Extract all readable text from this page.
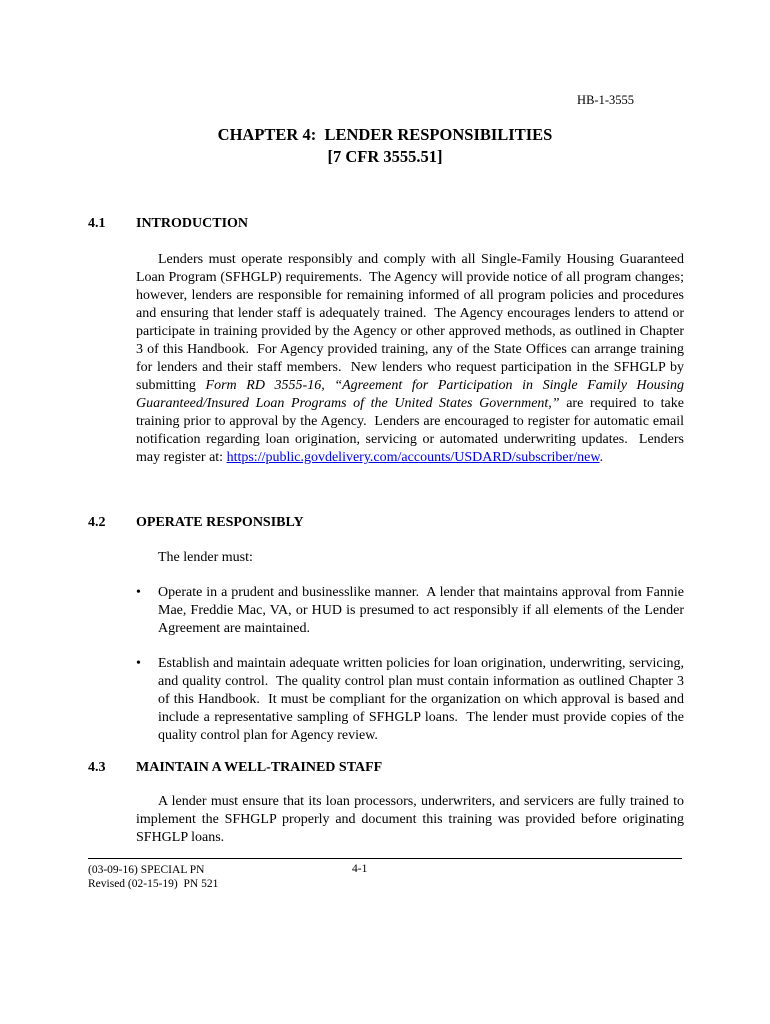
HB-1-3555
CHAPTER 4:  LENDER RESPONSIBILITIES
[7 CFR 3555.51]
4.1 INTRODUCTION
Lenders must operate responsibly and comply with all Single-Family Housing Guaranteed Loan Program (SFHGLP) requirements.  The Agency will provide notice of all program changes; however, lenders are responsible for remaining informed of all program policies and procedures and ensuring that lender staff is adequately trained.  The Agency encourages lenders to attend or participate in training provided by the Agency or other approved methods, as outlined in Chapter 3 of this Handbook.  For Agency provided training, any of the State Offices can arrange training for lenders and their staff members.  New lenders who request participation in the SFHGLP by submitting Form RD 3555-16, “Agreement for Participation in Single Family Housing Guaranteed/Insured Loan Programs of the United States Government,” are required to take training prior to approval by the Agency.  Lenders are encouraged to register for automatic email notification regarding loan origination, servicing or automated underwriting updates.  Lenders may register at: https://public.govdelivery.com/accounts/USDARD/subscriber/new.
4.2 OPERATE RESPONSIBLY
The lender must:
• Operate in a prudent and businesslike manner.  A lender that maintains approval from Fannie Mae, Freddie Mac, VA, or HUD is presumed to act responsibly if all elements of the Lender Agreement are maintained.
• Establish and maintain adequate written policies for loan origination, underwriting, servicing, and quality control.  The quality control plan must contain information as outlined Chapter 3 of this Handbook.  It must be compliant for the organization on which approval is based and include a representative sampling of SFHGLP loans.  The lender must provide copies of the quality control plan for Agency review.
4.3 MAINTAIN A WELL-TRAINED STAFF
A lender must ensure that its loan processors, underwriters, and servicers are fully trained to implement the SFHGLP properly and document this training was provided before originating SFHGLP loans.
(03-09-16) SPECIAL PN
Revised (02-15-19)  PN 521
4-1
